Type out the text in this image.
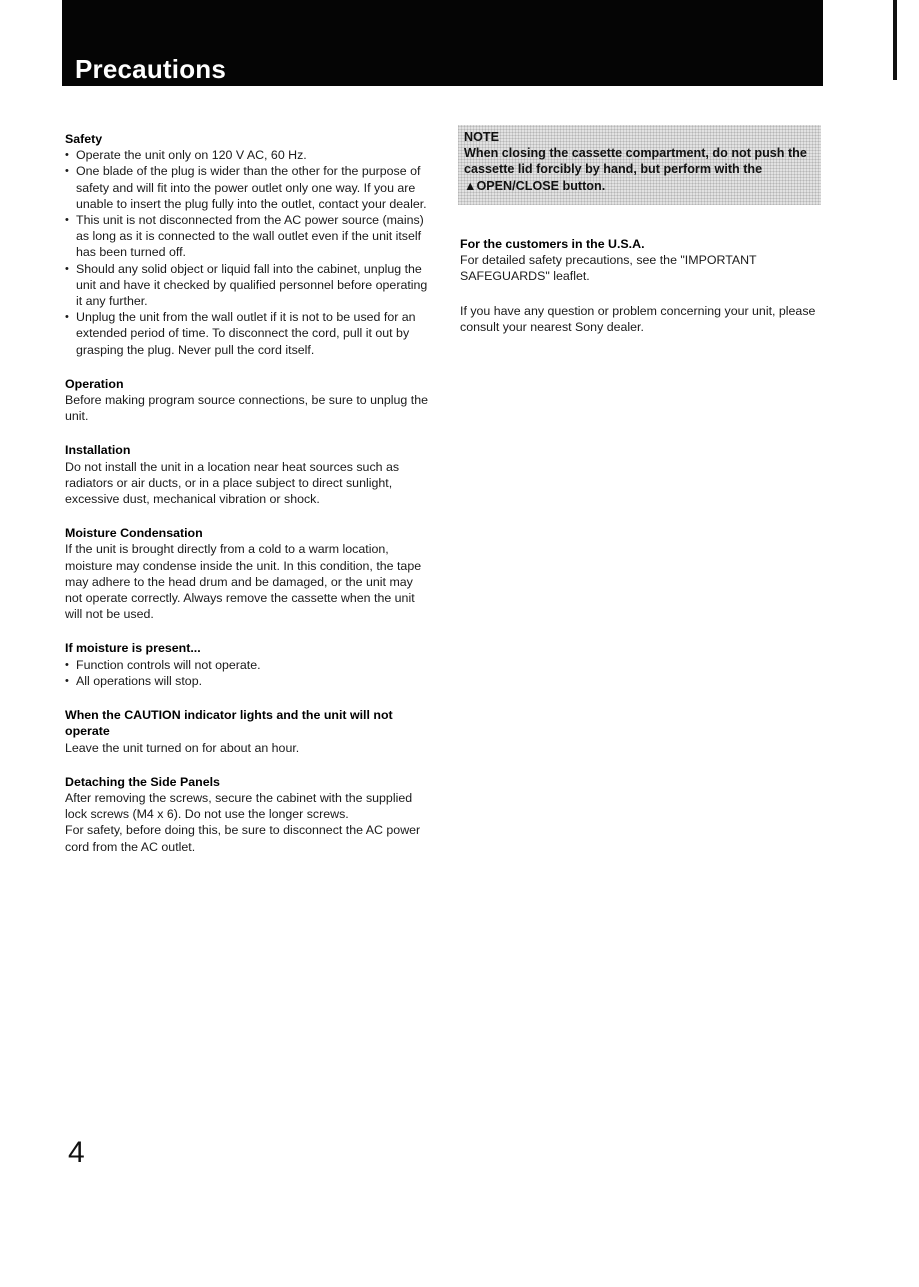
Precautions
Safety
• Operate the unit only on 120 V AC, 60 Hz.
• One blade of the plug is wider than the other for the purpose of safety and will fit into the power outlet only one way. If you are unable to insert the plug fully into the outlet, contact your dealer.
• This unit is not disconnected from the AC power source (mains) as long as it is connected to the wall outlet even if the unit itself has been turned off.
• Should any solid object or liquid fall into the cabinet, unplug the unit and have it checked by qualified personnel before operating it any further.
• Unplug the unit from the wall outlet if it is not to be used for an extended period of time. To disconnect the cord, pull it out by grasping the plug. Never pull the cord itself.
Operation

Before making program source connections, be sure to unplug the unit.

Installation

Do not install the unit in a location near heat sources such as radiators or air ducts, or in a place subject to direct sunlight, excessive dust, mechanical vibration or shock.

Moisture Condensation

If the unit is brought directly from a cold to a warm location, moisture may condense inside the unit. In this condition, the tape may adhere to the head drum and be damaged, or the unit may not operate correctly. Always remove the cassette when the unit will not be used.

If moisture is present...
• Function controls will not operate.
• All operations will stop.
When the CAUTION indicator lights and the unit will not operate

Leave the unit turned on for about an hour.

Detaching the Side Panels

After removing the screws, secure the cabinet with the supplied lock screws (M4 x 6). Do not use the longer screws.

For safety, before doing this, be sure to disconnect the AC power cord from the AC outlet.

NOTE
When closing the cassette compartment, do not push the cassette lid forcibly by hand, but perform with the ▲OPEN/CLOSE button.
For the customers in the U.S.A.

For detailed safety precautions, see the "IMPORTANT SAFEGUARDS" leaflet.

If you have any question or problem concerning your unit, please consult your nearest Sony dealer.

4
